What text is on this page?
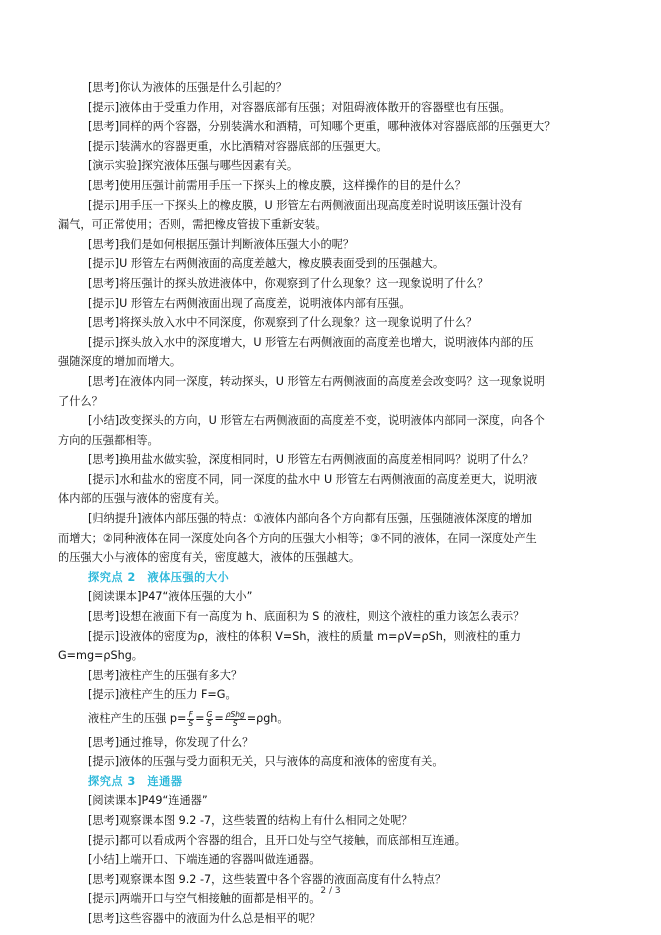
[思考]你认为液体的压强是什么引起的？

[提示]液体由于受重力作用，对容器底部有压强；对阻碍液体散开的容器壁也有压强。

[思考]同样的两个容器，分别装满水和酒精，可知哪个更重，哪种液体对容器底部的压强更大？

[提示]装满水的容器更重，水比酒精对容器底部的压强更大。

[演示实验]探究液体压强与哪些因素有关。

[思考]使用压强计前需用手压一下探头上的橡皮膜，这样操作的目的是什么？

[提示]用手压一下探头上的橡皮膜，U 形管左右两侧液面出现高度差时说明该压强计没有

漏气，可正常使用；否则，需把橡皮管拔下重新安装。

[思考]我们是如何根据压强计判断液体压强大小的呢？

[提示]U 形管左右两侧液面的高度差越大，橡皮膜表面受到的压强越大。

[思考]将压强计的探头放进液体中，你观察到了什么现象？这一现象说明了什么？

[提示]U 形管左右两侧液面出现了高度差，说明液体内部有压强。

[思考]将探头放入水中不同深度，你观察到了什么现象？这一现象说明了什么？

[提示]探头放入水中的深度增大，U 形管左右两侧液面的高度差也增大，说明液体内部的压

强随深度的增加而增大。

[思考]在液体内同一深度，转动探头，U 形管左右两侧液面的高度差会改变吗？这一现象说明

了什么？

[小结]改变探头的方向，U 形管左右两侧液面的高度差不变，说明液体内部同一深度，向各个

方向的压强都相等。

[思考]换用盐水做实验，深度相同时，U 形管左右两侧液面的高度差相同吗？说明了什么？

[提示]水和盐水的密度不同，同一深度的盐水中 U 形管左右两侧液面的高度差更大，说明液

体内部的压强与液体的密度有关。

[归纳提升]液体内部压强的特点：①液体内部向各个方向都有压强，压强随液体深度的增加

而增大；②同种液体在同一深度处向各个方向的压强大小相等；③不同的液体，在同一深度处产生

的压强大小与液体的密度有关，密度越大，液体的压强越大。

探究点 2　液体压强的大小

[阅读课本]P47“液体压强的大小”

[思考]设想在液面下有一高度为 h、底面积为 S 的液柱，则这个液柱的重力该怎么表示？

[提示]设液体的密度为ρ，液柱的体积 V=Sh，液柱的质量 m=ρV=ρSh，则液柱的重力

G=mg=ρShg。

[思考]液柱产生的压强有多大？

[提示]液柱产生的压力 F=G。

液柱产生的压强 $p= \frac{F}{S} = \frac{G}{S} = \frac{\text{ρShg}}{S} =\rho gh$。

[思考]通过推导，你发现了什么？

[提示]液体的压强与受力面积无关，只与液体的高度和液体的密度有关。

探究点 3　连通器

[阅读课本]P49“连通器”

[思考]观察课本图 9.2 -7，这些装置的结构上有什么相同之处呢？

[提示]都可以看成两个容器的组合，且开口处与空气接触，而底部相互连通。

[小结]上端开口、下端连通的容器叫做连通器。

[思考]观察课本图 9.2 -7，这些装置中各个容器的液面高度有什么特点？

[提示]两端开口与空气相接触的面都是相平的。

[思考]这些容器中的液面为什么总是相平的呢？

2 / 3
